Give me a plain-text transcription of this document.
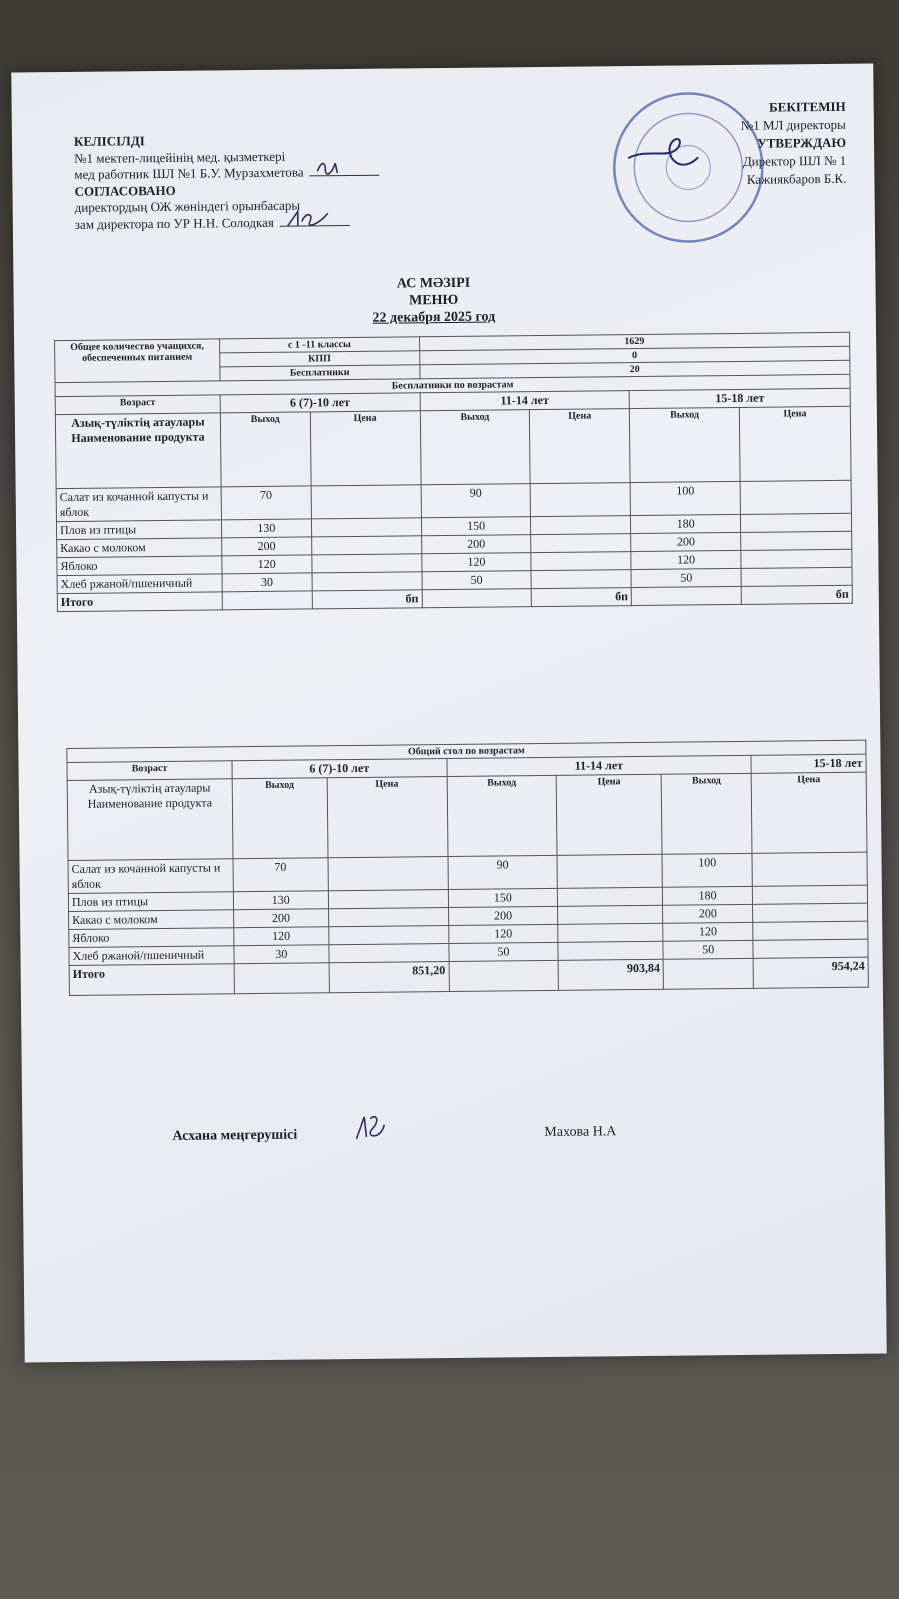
КЕЛІСІЛДІ
№1 мектеп-лицейінің мед. қызметкері
мед работник ШЛ №1 Б.У. Мурзахметова
СОГЛАСОВАНО
директордың ОЖ жөніндегі орынбасары
зам директора по УР Н.Н. Солодкая
БЕКІТЕМІН
№1 МЛ директоры
УТВЕРЖДАЮ
Директор ШЛ № 1
Кажиякбаров Б.К.
АС МӘЗІРІ
МЕНЮ
22 декабря 2025 год
Общее количество учащихся, обеспеченных питанием	с 1 -11 классы		1629			
	КПП		0			
	Бесплатники		20			
Бесплатники по возрастам						
Возраст	6 (7)-10 лет		11-14 лет		15-18 лет	
Азық-түліктің атаулары Наименование продукта	Выход	Цена	Выход	Цена	Выход	Цена
Салат из кочанной капусты и яблок	70		90		100	
Плов из птицы	130		150		180	
Какао с молоком	200		200		200	
Яблоко	120		120		120	
Хлеб ржаной/пшеничный	30		50		50	
Итого		бп		бп		бп
Общий стол по возрастам						
Возраст	6 (7)-10 лет		11-14 лет			15-18 лет
Азық-түліктің атаулары Наименование продукта	Выход	Цена	Выход	Цена	Выход	Цена
Салат из кочанной капусты и яблок	70		90		100	
Плов из птицы	130		150		180	
Какао с молоком	200		200		200	
Яблоко	120		120		120	
Хлеб ржаной/пшеничный	30		50		50	
Итого		851,20		903,84		954,24
Асхана меңгерушісі	Махова Н.А
